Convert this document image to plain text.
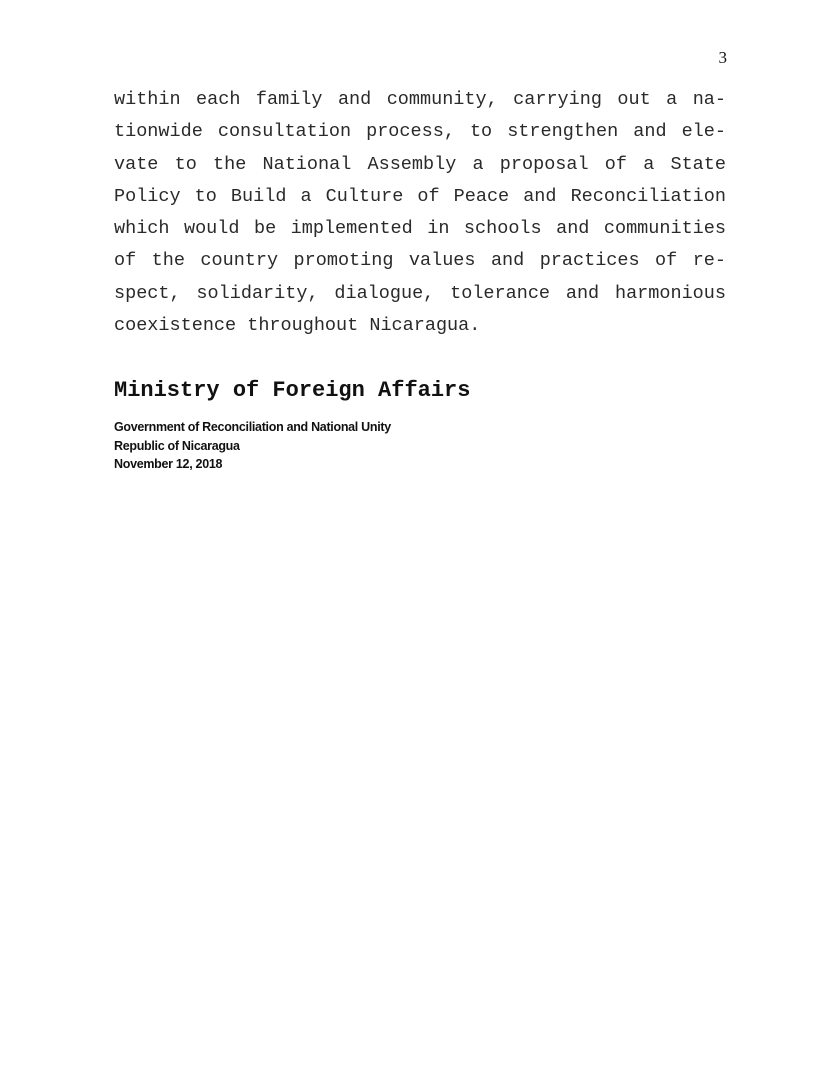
3
within each family and community, carrying out a na-
tionwide consultation process, to strengthen and ele-
vate to the National Assembly a proposal of a State
Policy to Build a Culture of Peace and Reconciliation
which would be implemented in schools and communities
of the country promoting values and practices of re-
spect, solidarity, dialogue, tolerance and harmonious
coexistence throughout Nicaragua.
Ministry of Foreign Affairs
Government of Reconciliation and National Unity
Republic of Nicaragua
November 12, 2018
